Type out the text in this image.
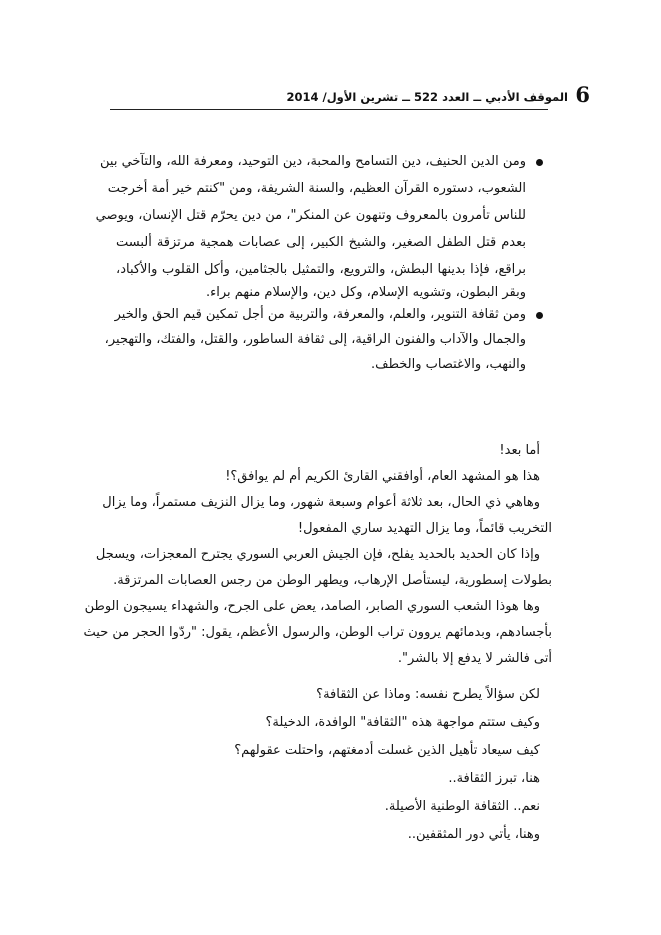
6
الموقف الأدبي ــ العدد 522 ــ تشرين الأول/ 2014
ومن الدين الحنيف، دين التسامح والمحبة، دين التوحيد، ومعرفة الله، والتآخي بين
الشعوب، دستوره القرآن العظيم، والسنة الشريفة، ومن "كنتم خير أمة أخرجت
للناس تأمرون بالمعروف وتنهون عن المنكر"، من دين يحرّم قتل الإنسان، ويوصي
بعدم قتل الطفل الصغير، والشيخ الكبير، إلى عصابات همجية مرتزقة ألبست
براقع، فإذا بدينها البطش، والترويع، والتمثيل بالجثامين، وأكل القلوب والأكباد،
وبقر البطون، وتشويه الإسلام، وكل دين، والإسلام منهم براء.
ومن ثقافة التنوير، والعلم، والمعرفة، والتربية من أجل تمكين قيم الحق والخير
والجمال والآداب والفنون الراقية، إلى ثقافة الساطور، والقتل، والفتك، والتهجير،
والنهب، والاغتصاب والخطف.
أما بعد!
هذا هو المشهد العام، أوافقني القارئ الكريم أم لم يوافق؟!
وهاهي ذي الحال، بعد ثلاثة أعوام وسبعة شهور، وما يزال النزيف مستمراً، وما يزال
التخريب قائماً، وما يزال التهديد ساري المفعول!
وإذا كان الحديد بالحديد يفلح، فإن الجيش العربي السوري يجترح المعجزات، ويسجل
بطولات إسطورية، ليستأصل الإرهاب، ويطهر الوطن من رجس العصابات المرتزقة.
وها هوذا الشعب السوري الصابر، الصامد، يعض على الجرح، والشهداء يسيجون الوطن
بأجسادهم، وبدمائهم يروون تراب الوطن، والرسول الأعظم، يقول: "ردّوا الحجر من حيث
أتى فالشر لا يدفع إلا بالشر".
لكن سؤالاً يطرح نفسه: وماذا عن الثقافة؟
وكيف ستتم مواجهة هذه "الثقافة" الوافدة، الدخيلة؟
كيف سيعاد تأهيل الذين غسلت أدمغتهم، واحتلت عقولهم؟
هنا، تبرز الثقافة..
نعم.. الثقافة الوطنية الأصيلة.
وهنا، يأتي دور المثقفين..
